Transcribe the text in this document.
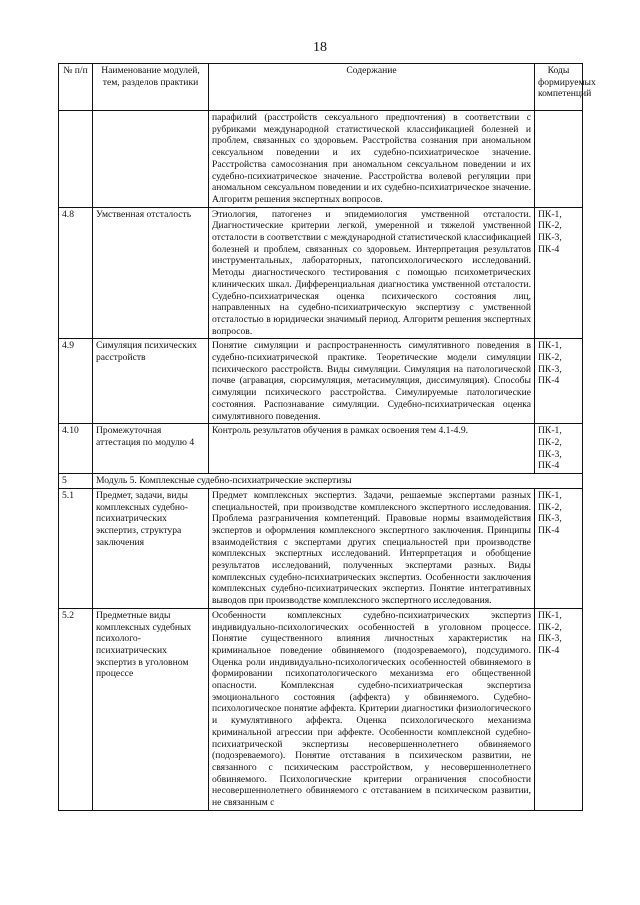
18
№ п/п	Наименование модулей, тем, разделов практики	Содержание	Коды формируемых компетенций
		парафилий (расстройств сексуального предпочтения) в соответствии с рубриками международной статистической классификацией болезней и проблем, связанных со здоровьем. Расстройства сознания при аномальном сексуальном поведении и их судебно-психиатрическое значение. Расстройства самосознания при аномальном сексуальном поведении и их судебно-психиатрическое значение. Расстройства волевой регуляции при аномальном сексуальном поведении и их судебно-психиатрическое значение. Алгоритм решения экспертных вопросов.	
4.8	Умственная отсталость	Этиология, патогенез и эпидемиология умственной отсталости. Диагностические критерии легкой, умеренной и тяжелой умственной отсталости в соответствии с международной статистической классификацией болезней и проблем, связанных со здоровьем. Интерпретация результатов инструментальных, лабораторных, патопсихологического исследований. Методы диагностического тестирования с помощью психометрических клинических шкал. Дифференциальная диагностика умственной отсталости. Судебно-психиатрическая оценка психического состояния лиц, направленных на судебно-психиатрическую экспертизу с умственной отсталостью в юридически значимый период. Алгоритм решения экспертных вопросов.	ПК-1, ПК-2, ПК-3, ПК-4
4.9	Симуляция психических расстройств	Понятие симуляции и распространенность симулятивного поведения в судебно-психиатрической практике. Теоретические модели симуляции психического расстройств. Виды симуляции. Симуляция на патологической почве (агравация, сюрсимуляция, метасимуляция, диссимуляция). Способы симуляции психического расстройства. Симулируемые патологические состояния. Распознавание симуляции. Судебно-психиатрическая оценка симулятивного поведения.	ПК-1, ПК-2, ПК-3, ПК-4
4.10	Промежуточная аттестация по модулю 4	Контроль результатов обучения в рамках освоения тем 4.1-4.9.	ПК-1, ПК-2, ПК-3, ПК-4
5	Модуль 5. Комплексные судебно-психиатрические экспертизы		
5.1	Предмет, задачи, виды комплексных судебно-психиатрических экспертиз, структура заключения	Предмет комплексных экспертиз. Задачи, решаемые экспертами разных специальностей, при производстве комплексного экспертного исследования. Проблема разграничения компетенций. Правовые нормы взаимодействия экспертов и оформления комплексного экспертного заключения. Принципы взаимодействия с экспертами других специальностей при производстве комплексных экспертных исследований. Интерпретация и обобщение результатов исследований, полученных экспертами разных. Виды комплексных судебно-психиатрических экспертиз. Особенности заключения комплексных судебно-психиатрических экспертиз. Понятие интегративных выводов при производстве комплексного экспертного исследования.	ПК-1, ПК-2, ПК-3, ПК-4
5.2	Предметные виды комплексных судебных психолого-психиатрических экспертиз в уголовном процессе	Особенности комплексных судебно-психиатрических экспертиз индивидуально-психологических особенностей в уголовном процессе. Понятие существенного влияния личностных характеристик на криминальное поведение обвиняемого (подозреваемого), подсудимого. Оценка роли индивидуально-психологических особенностей обвиняемого в формировании психопатологического механизма его общественной опасности. Комплексная судебно-психиатрическая экспертиза эмоционального состояния (аффекта) у обвиняемого. Судебно-психологическое понятие аффекта. Критерии диагностики физиологического и кумулятивного аффекта. Оценка психологического механизма криминальной агрессии при аффекте. Особенности комплексной судебно-психиатрической экспертизы несовершеннолетнего обвиняемого (подозреваемого). Понятие отставания в психическом развитии, не связанного с психическим расстройством, у несовершеннолетнего обвиняемого. Психологические критерии ограничения способности несовершеннолетнего обвиняемого с отставанием в психическом развитии, не связанным с	ПК-1, ПК-2, ПК-3, ПК-4
